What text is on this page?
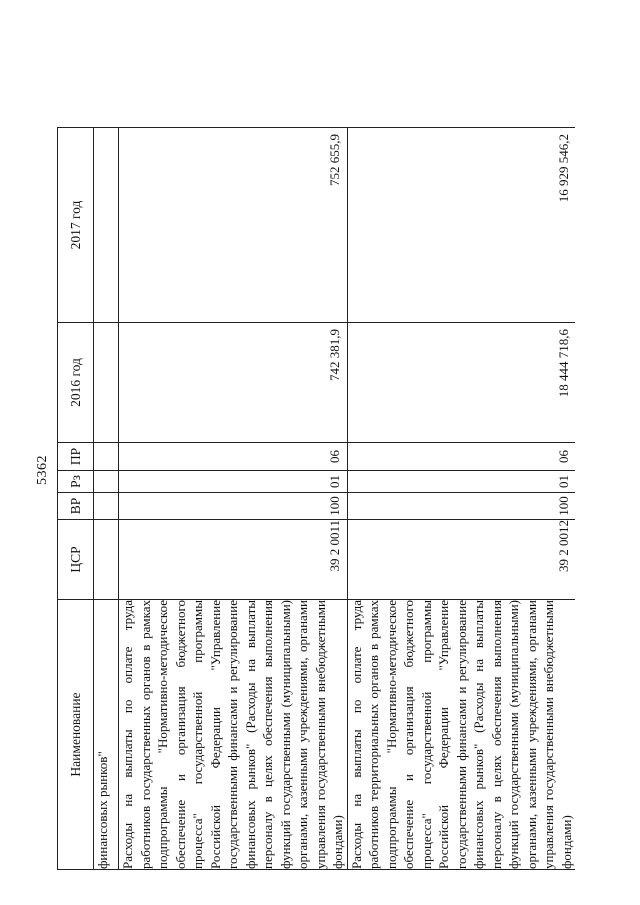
5362
Наименование	ЦСР	ВР	Рз	ПР	2016 год	2017 год
финансовых рынков"						
Расходы на выплаты по оплате труда работников государственных органов в рамках подпрограммы "Нормативно-методическое обеспечение и организация бюджетного процесса" государственной программы Российской Федерации "Управление государственными финансами и регулирование финансовых рынков" (Расходы на выплаты персоналу в целях обеспечения выполнения функций государственными (муниципальными) органами, казенными учреждениями, органами управления государственными внебюджетными фондами)	39 2 0011	100	01	06	742 381,9	752 655,9
Расходы на выплаты по оплате труда работников территориальных органов в рамках подпрограммы "Нормативно-методическое обеспечение и организация бюджетного процесса" государственной программы Российской Федерации "Управление государственными финансами и регулирование финансовых рынков" (Расходы на выплаты персоналу в целях обеспечения выполнения функций государственными (муниципальными) органами, казенными учреждениями, органами управления государственными внебюджетными фондами)	39 2 0012	100	01	06	18 444 718,6	16 929 546,2
